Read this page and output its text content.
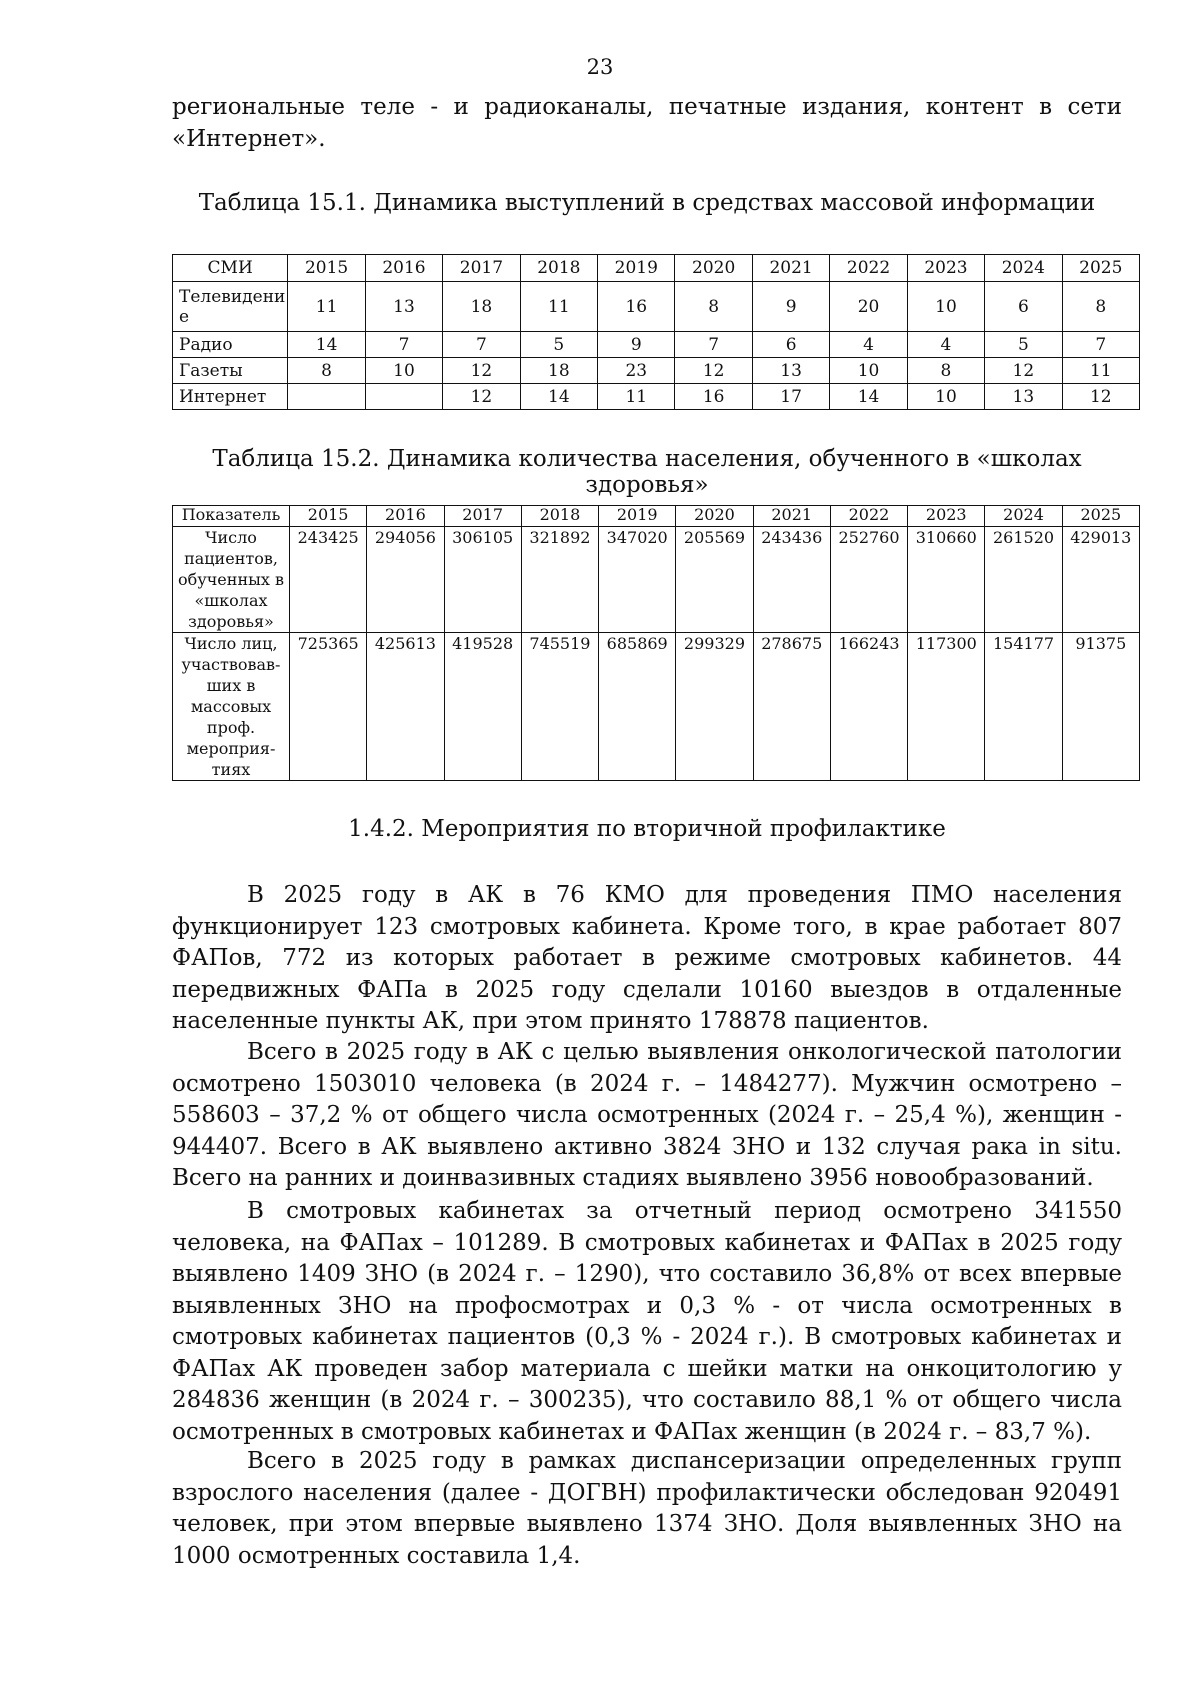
23

региональные теле - и радиоканалы, печатные издания, контент в сети «Интернет».

Таблица 15.1. Динамика выступлений в средствах массовой информации

СМИ	2015	2016	2017	2018	2019	2020	2021	2022	2023	2024	2025
Телевидени е	11	13	18	11	16	8	9	20	10	6	8
Радио	14	7	7	5	9	7	6	4	4	5	7
Газеты	8	10	12	18	23	12	13	10	8	12	11
Интернет			12	14	11	16	17	14	10	13	12

Таблица 15.2. Динамика количества населения, обученного в «школах здоровья»

Показатель	2015	2016	2017	2018	2019	2020	2021	2022	2023	2024	2025
Число пациентов, обученных в «школах здоровья»	243425	294056	306105	321892	347020	205569	243436	252760	310660	261520	429013
Число лиц, участвовав-ших в массовых проф. мероприя-тиях	725365	425613	419528	745519	685869	299329	278675	166243	117300	154177	91375

1.4.2. Мероприятия по вторичной профилактике

В 2025 году в АК в 76 КМО для проведения ПМО населения функционирует 123 смотровых кабинета. Кроме того, в крае работает 807 ФАПов, 772 из которых работает в режиме смотровых кабинетов. 44 передвижных ФАПа в 2025 году сделали 10160 выездов в отдаленные населенные пункты АК, при этом принято 178878 пациентов.

Всего в 2025 году в АК с целью выявления онкологической патологии осмотрено 1503010 человека (в 2024 г. – 1484277). Мужчин осмотрено – 558603 – 37,2 % от общего числа осмотренных (2024 г. – 25,4 %), женщин - 944407. Всего в АК выявлено активно 3824 ЗНО и 132 случая рака in situ. Всего на ранних и доинвазивных стадиях выявлено 3956 новообразований.

В смотровых кабинетах за отчетный период осмотрено 341550 человека, на ФАПах – 101289. В смотровых кабинетах и ФАПах в 2025 году выявлено 1409 ЗНО (в 2024 г. – 1290), что составило 36,8% от всех впервые выявленных ЗНО на профосмотрах и 0,3 % - от числа осмотренных в смотровых кабинетах пациентов (0,3 % - 2024 г.). В смотровых кабинетах и ФАПах АК проведен забор материала с шейки матки на онкоцитологию у 284836 женщин (в 2024 г. – 300235), что составило 88,1 % от общего числа осмотренных в смотровых кабинетах и ФАПах женщин (в 2024 г. – 83,7 %).

Всего в 2025 году в рамках диспансеризации определенных групп взрослого населения (далее - ДОГВН) профилактически обследован 920491 человек, при этом впервые выявлено 1374 ЗНО. Доля выявленных ЗНО на 1000 осмотренных составила 1,4.
